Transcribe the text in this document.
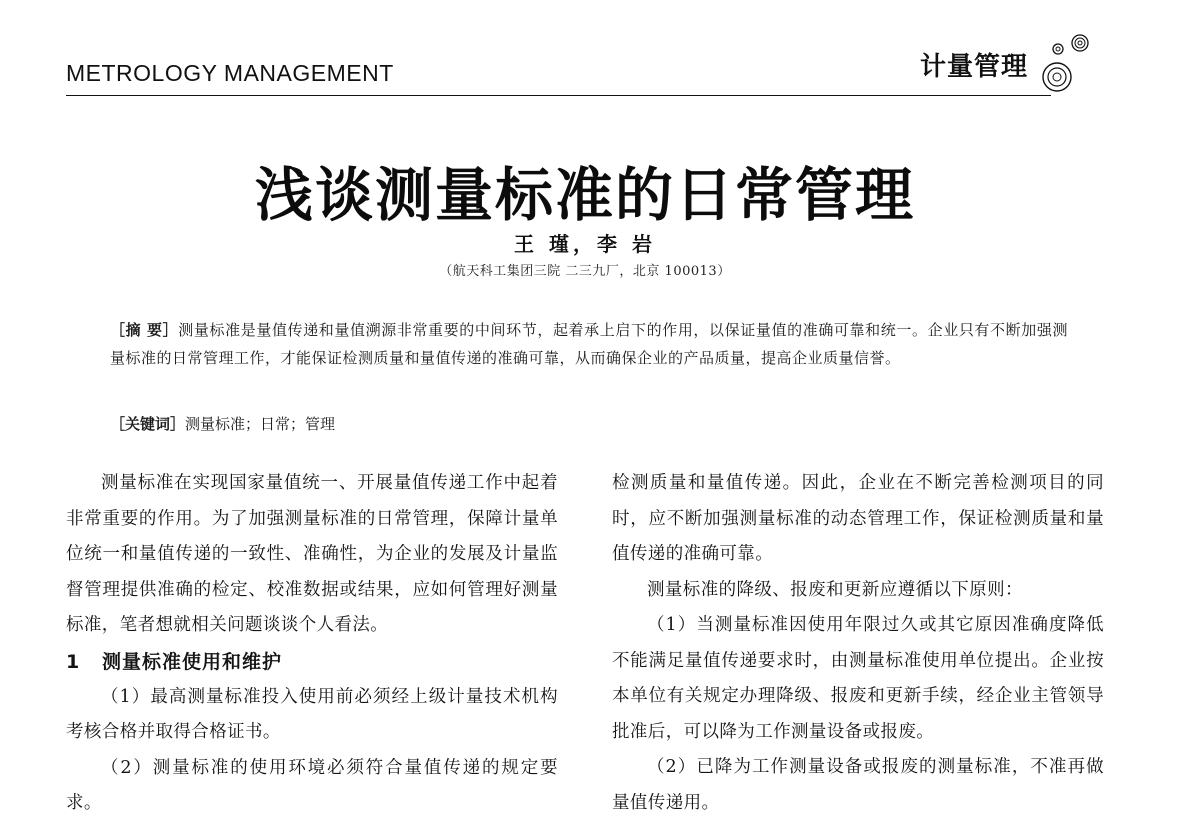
METROLOGY MANAGEMENT	计量管理
浅谈测量标准的日常管理
王 瑾，李 岩
（航天科工集团三院 二三九厂，北京 100013）
［摘 要］测量标准是量值传递和量值溯源非常重要的中间环节，起着承上启下的作用，以保证量值的准确可靠和统一。企业只有不断加强测量标准的日常管理工作，才能保证检测质量和量值传递的准确可靠，从而确保企业的产品质量，提高企业质量信誉。
［关键词］测量标准；日常；管理

测量标准在实现国家量值统一、开展量值传递工作中起着非常重要的作用。为了加强测量标准的日常管理，保障计量单位统一和量值传递的一致性、准确性，为企业的发展及计量监督管理提供准确的检定、校准数据或结果，应如何管理好测量标准，笔者想就相关问题谈谈个人看法。

1 测量标准使用和维护

（1）最高测量标准投入使用前必须经上级计量技术机构考核合格并取得合格证书。

（2）测量标准的使用环境必须符合量值传递的规定要求。

检测质量和量值传递。因此，企业在不断完善检测项目的同时，应不断加强测量标准的动态管理工作，保证检测质量和量值传递的准确可靠。

测量标准的降级、报废和更新应遵循以下原则：

（1）当测量标准因使用年限过久或其它原因准确度降低不能满足量值传递要求时，由测量标准使用单位提出。企业按本单位有关规定办理降级、报废和更新手续，经企业主管领导批准后，可以降为工作测量设备或报废。

（2）已降为工作测量设备或报废的测量标准，不准再做量值传递用。
